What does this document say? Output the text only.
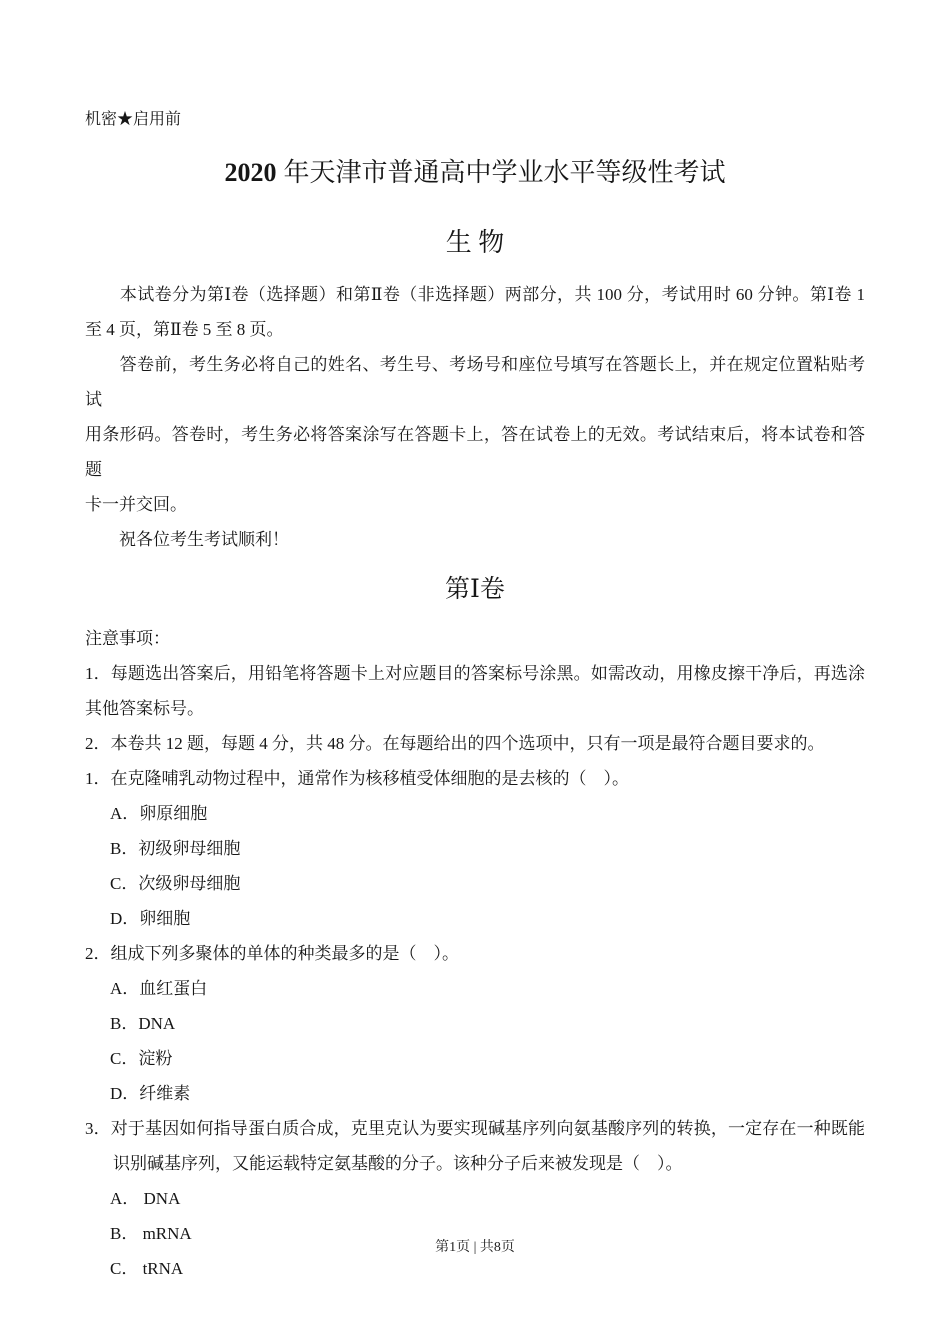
机密★启用前
2020 年天津市普通高中学业水平等级性考试
生 物
　　本试卷分为第Ⅰ卷（选择题）和第Ⅱ卷（非选择题）两部分，共 100 分，考试用时 60 分钟。第Ⅰ卷 1
至 4 页，第Ⅱ卷 5 至 8 页。
　　答卷前，考生务必将自己的姓名、考生号、考场号和座位号填写在答题长上，并在规定位置粘贴考试
用条形码。答卷时，考生务必将答案涂写在答题卡上，答在试卷上的无效。考试结束后，将本试卷和答题
卡一并交回。
　　祝各位考生考试顺利！
第Ⅰ卷
注意事项：
1．每题选出答案后，用铅笔将答题卡上对应题目的答案标号涂黑。如需改动，用橡皮擦干净后，再选涂
其他答案标号。
2．本卷共 12 题，每题 4 分，共 48 分。在每题给出的四个选项中，只有一项是最符合题目要求的。
1．在克隆哺乳动物过程中，通常作为核移植受体细胞的是去核的（　）。
A．卵原细胞
B．初级卵母细胞
C．次级卵母细胞
D．卵细胞
2．组成下列多聚体的单体的种类最多的是（　）。
A．血红蛋白
B．DNA
C．淀粉
D．纤维素
3．对于基因如何指导蛋白质合成，克里克认为要实现碱基序列向氨基酸序列的转换，一定存在一种既能
识别碱基序列，又能运载特定氨基酸的分子。该种分子后来被发现是（　）。
A． DNA
B． mRNA
C． tRNA
第1页 | 共8页
